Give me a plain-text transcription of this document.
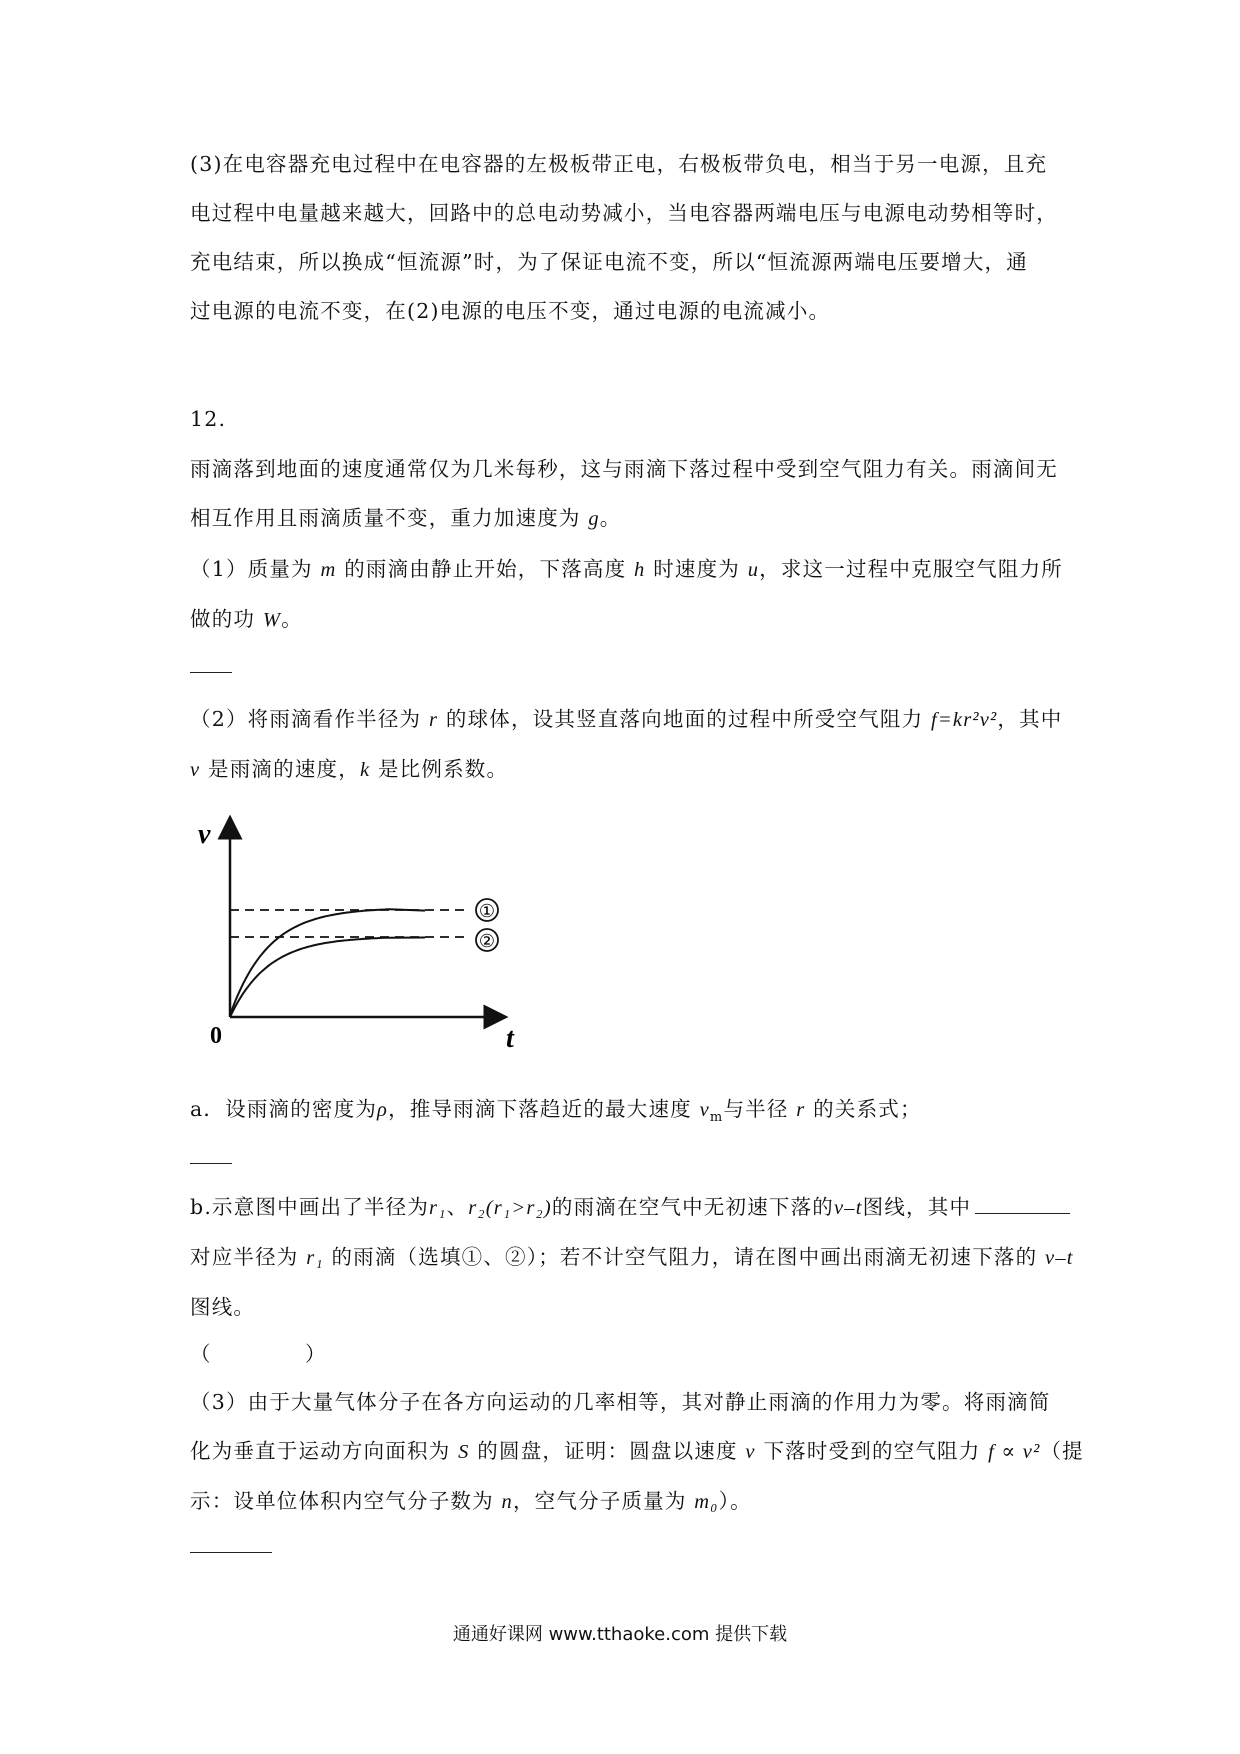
(3)在电容器充电过程中在电容器的左极板带正电，右极板带负电，相当于另一电源，且充
电过程中电量越来越大，回路中的总电动势减小，当电容器两端电压与电源电动势相等时，
充电结束，所以换成“恒流源”时，为了保证电流不变，所以“恒流源两端电压要增大，通
过电源的电流不变，在(2)电源的电压不变，通过电源的电流减小。
12.
雨滴落到地面的速度通常仅为几米每秒，这与雨滴下落过程中受到空气阻力有关。雨滴间无
相互作用且雨滴质量不变，重力加速度为 g。
（1）质量为 m 的雨滴由静止开始，下落高度 h 时速度为 u，求这一过程中克服空气阻力所
做的功 W。
（2）将雨滴看作半径为 r 的球体，设其竖直落向地面的过程中所受空气阻力 f=kr²v²，其中
v 是雨滴的速度，k 是比例系数。
v
t
0
①
②
a．设雨滴的密度为ρ，推导雨滴下落趋近的最大速度 $v_m$与半径 r 的关系式；
b.示意图中画出了半径为r₁、r₂(r₁>r₂)的雨滴在空气中无初速下落的v–t图线，其中
对应半径为 r₁ 的雨滴（选填①、②）；若不计空气阻力，请在图中画出雨滴无初速下落的 v–t
图线。
（	）
（3）由于大量气体分子在各方向运动的几率相等，其对静止雨滴的作用力为零。将雨滴简
化为垂直于运动方向面积为 S 的圆盘，证明：圆盘以速度 v 下落时受到的空气阻力 f ∝ v²（提
示：设单位体积内空气分子数为 n，空气分子质量为 m₀）。
通通好课网 www.tthaoke.com 提供下载
